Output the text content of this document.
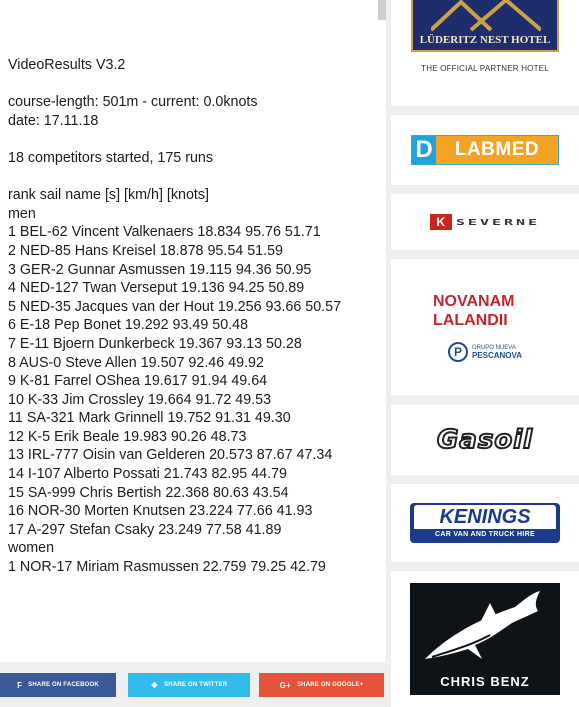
VideoResults V3.2
course-length: 501m - current: 0.0knots
date: 17.11.18
18 competitors started, 175 runs
rank sail name [s] [km/h] [knots]
men
1 BEL-62 Vincent Valkenaers 18.834 95.76 51.71
2 NED-85 Hans Kreisel 18.878 95.54 51.59
3 GER-2 Gunnar Asmussen 19.115 94.36 50.95
4 NED-127 Twan Verseput 19.136 94.25 50.89
5 NED-35 Jacques van der Hout 19.256 93.66 50.57
6 E-18 Pep Bonet 19.292 93.49 50.48
7 E-11 Bjoern Dunkerbeck 19.367 93.13 50.28
8 AUS-0 Steve Allen 19.507 92.46 49.92
9 K-81 Farrel OShea 19.617 91.94 49.64
10 K-33 Jim Crossley 19.664 91.72 49.53
11 SA-321 Mark Grinnell 19.752 91.31 49.30
12 K-5 Erik Beale 19.983 90.26 48.73
13 IRL-777 Oisin van Gelderen 20.573 87.67 47.34
14 I-107 Alberto Possati 21.743 82.95 44.79
15 SA-999 Chris Bertish 22.368 80.63 43.54
16 NOR-30 Morten Knutsen 23.224 77.66 41.93
17 A-297 Stefan Csaky 23.249 77.58 41.89
women
1 NOR-17 Miriam Rasmussen 22.759 79.25 42.79
F SHARE ON FACEBOOK	❖ SHARE ON TWITTER	G+ SHARE ON GOOGLE+
LÜDERITZ NEST HOTEL
THE OFFICIAL PARTNER HOTEL
D	LABMED
K SEVERNE
NOVANAM
LALANDII
P	GRUPO NUEVA
PESCANOVA
Gasoil
KENINGS
CAR VAN AND TRUCK HIRE
CHRIS BENZ
